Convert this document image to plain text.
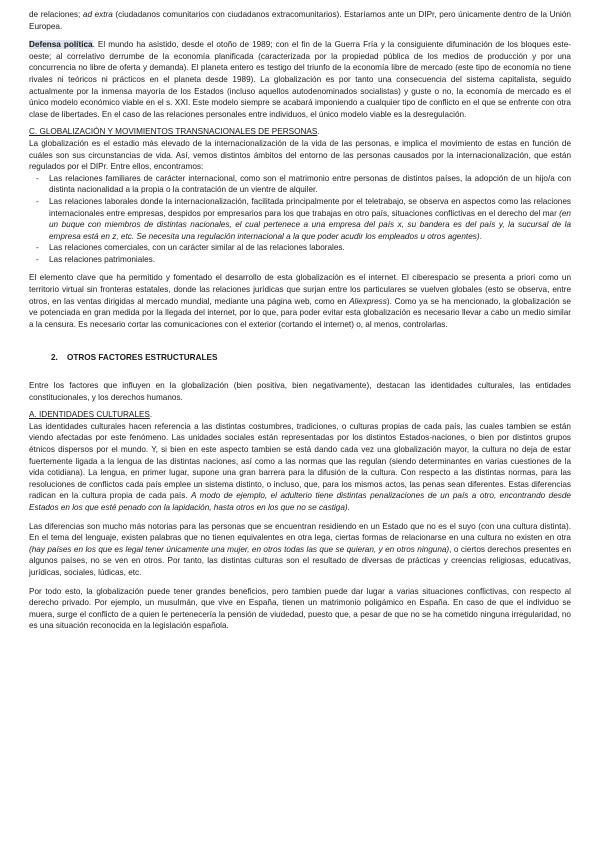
de relaciones; ad extra (ciudadanos comunitarios con ciudadanos extracomunitarios). Estaríamos ante un DIPr, pero únicamente dentro de la Unión Europea.

Defensa política. El mundo ha asistido, desde el otoño de 1989; con el fin de la Guerra Fría y la consiguiente difuminación de los bloques este-oeste; al correlativo derrumbe de la economía planificada (caracterizada por la propiedad pública de los medios de producción y por una concurrencia no libre de oferta y demanda). El planeta entero es testigo del triunfo de la economía libre de mercado (este tipo de economía no tiene rivales ni teóricos ni prácticos en el planeta desde 1989). La globalización es por tanto una consecuencia del sistema capitalista, seguido actualmente por la inmensa mayoría de los Estados (incluso aquellos autodenominados socialistas) y guste o no, la economía de mercado es el único modelo económico viable en el s. XXI. Este modelo siempre se acabará imponiendo a cualquier tipo de conflicto en el que se enfrente con otra clase de libertades. En el caso de las relaciones personales entre individuos, el único modelo viable es la desregulación.

C. GLOBALIZACIÓN Y MOVIMIENTOS TRANSNACIONALES DE PERSONAS.

La globalización es el estadio más elevado de la internacionalización de la vida de las personas, e implica el movimiento de estas en función de cuáles son sus circunstancias de vida. Así, vemos distintos ámbitos del entorno de las personas causados por la internacionalización, que están regulados por el DIPr. Entre ellos, encontramos:

- Las relaciones familiares de carácter internacional, como son el matrimonio entre personas de distintos países, la adopción de un hijo/a con distinta nacionalidad a la propia o la contratación de un vientre de alquiler.
- Las relaciones laborales donde la internacionalización, facilitada principalmente por el teletrabajo, se observa en aspectos como las relaciones internacionales entre empresas, despidos por empresarios para los que trabajas en otro país, situaciones conflictivas en el derecho del mar (en un buque con miembros de distintas nacionales, el cual pertenece a una empresa del país x, su bandera es del país y, la sucursal de la empresa está en z, etc. Se necesita una regulación internacional a la que poder acudir los empleados u otros agentes).
- Las relaciones comerciales, con un carácter similar al de las relaciones laborales.
- Las relaciones patrimoniales.

El elemento clave que ha permitido y fomentado el desarrollo de esta globalización es el internet. El ciberespacio se presenta a priori como un territorio virtual sin fronteras estatales, donde las relaciones jurídicas que surjan entre los particulares se vuelven globales (esto se observa, entre otros, en las ventas dirigidas al mercado mundial, mediante una página web, como en Aliexpress). Como ya se ha mencionado, la globalización se ve potenciada en gran medida por la llegada del internet, por lo que, para poder evitar esta globalización es necesario llevar a cabo un medio similar a la censura. Es necesario cortar las comunicaciones con el exterior (cortando el internet) o, al menos, controlarlas.

2. OTROS FACTORES ESTRUCTURALES

Entre los factores que influyen en la globalización (bien positiva, bien negativamente), destacan las identidades culturales, las entidades constitucionales, y los derechos humanos.

A. IDENTIDADES CULTURALES.

Las identidades culturales hacen referencia a las distintas costumbres, tradiciones, o culturas propias de cada país, las cuales tambien se están viendo afectadas por este fenómeno. Las unidades sociales están representadas por los distintos Estados-naciones, o bien por distintos grupos étnicos dispersos por el mundo. Y, si bien en este aspecto tambien se está dando cada vez una globalización mayor, la cultura no deja de estar fuertemente ligada a la lengua de las distintas naciones, así como a las normas que las regulan (siendo determinantes en varias cuestiones de la vida cotidiana). La lengua, en primer lugar, supone una gran barrera para la difusión de la cultura. Con respecto a las distintas normas, para las resoluciones de conflictos cada país emplee un sistema distinto, o incluso, que, para los mismos actos, las penas sean diferentes. Estas diferencias radican en la cultura propia de cada país. A modo de ejemplo, el adulterio tiene distintas penalizaciones de un país a otro, encontrando desde Estados en los que esté penado con la lapidación, hasta otros en los que no se castiga).

Las diferencias son mucho más notorias para las personas que se encuentran residiendo en un Estado que no es el suyo (con una cultura distinta). En el tema del lenguaje, existen palabras que no tienen equivalentes en otra lega, ciertas formas de relacionarse en una cultura no existen en otra (hay países en los que es legal tener únicamente una mujer, en otros todas las que se quieran, y en otros ninguna), o ciertos derechos presentes en algunos países, no se ven en otros. Por tanto, las distintas culturas son el resultado de diversas de prácticas y creencias religiosas, educativas, jurídicas, sociales, lúdicas, etc.

Por todo esto, la globalización puede tener grandes beneficios, pero tambien puede dar lugar a varias situaciones conflictivas, con respecto al derecho privado. Por ejemplo, un musulmán, que vive en España, tienen un matrimonio poligámico en España. En caso de que el individuo se muera, surge el conflicto de a quien le pertenecería la pensión de viudedad, puesto que, a pesar de que no se ha cometido ninguna irregularidad, no es una situación reconocida en la legislación española.
